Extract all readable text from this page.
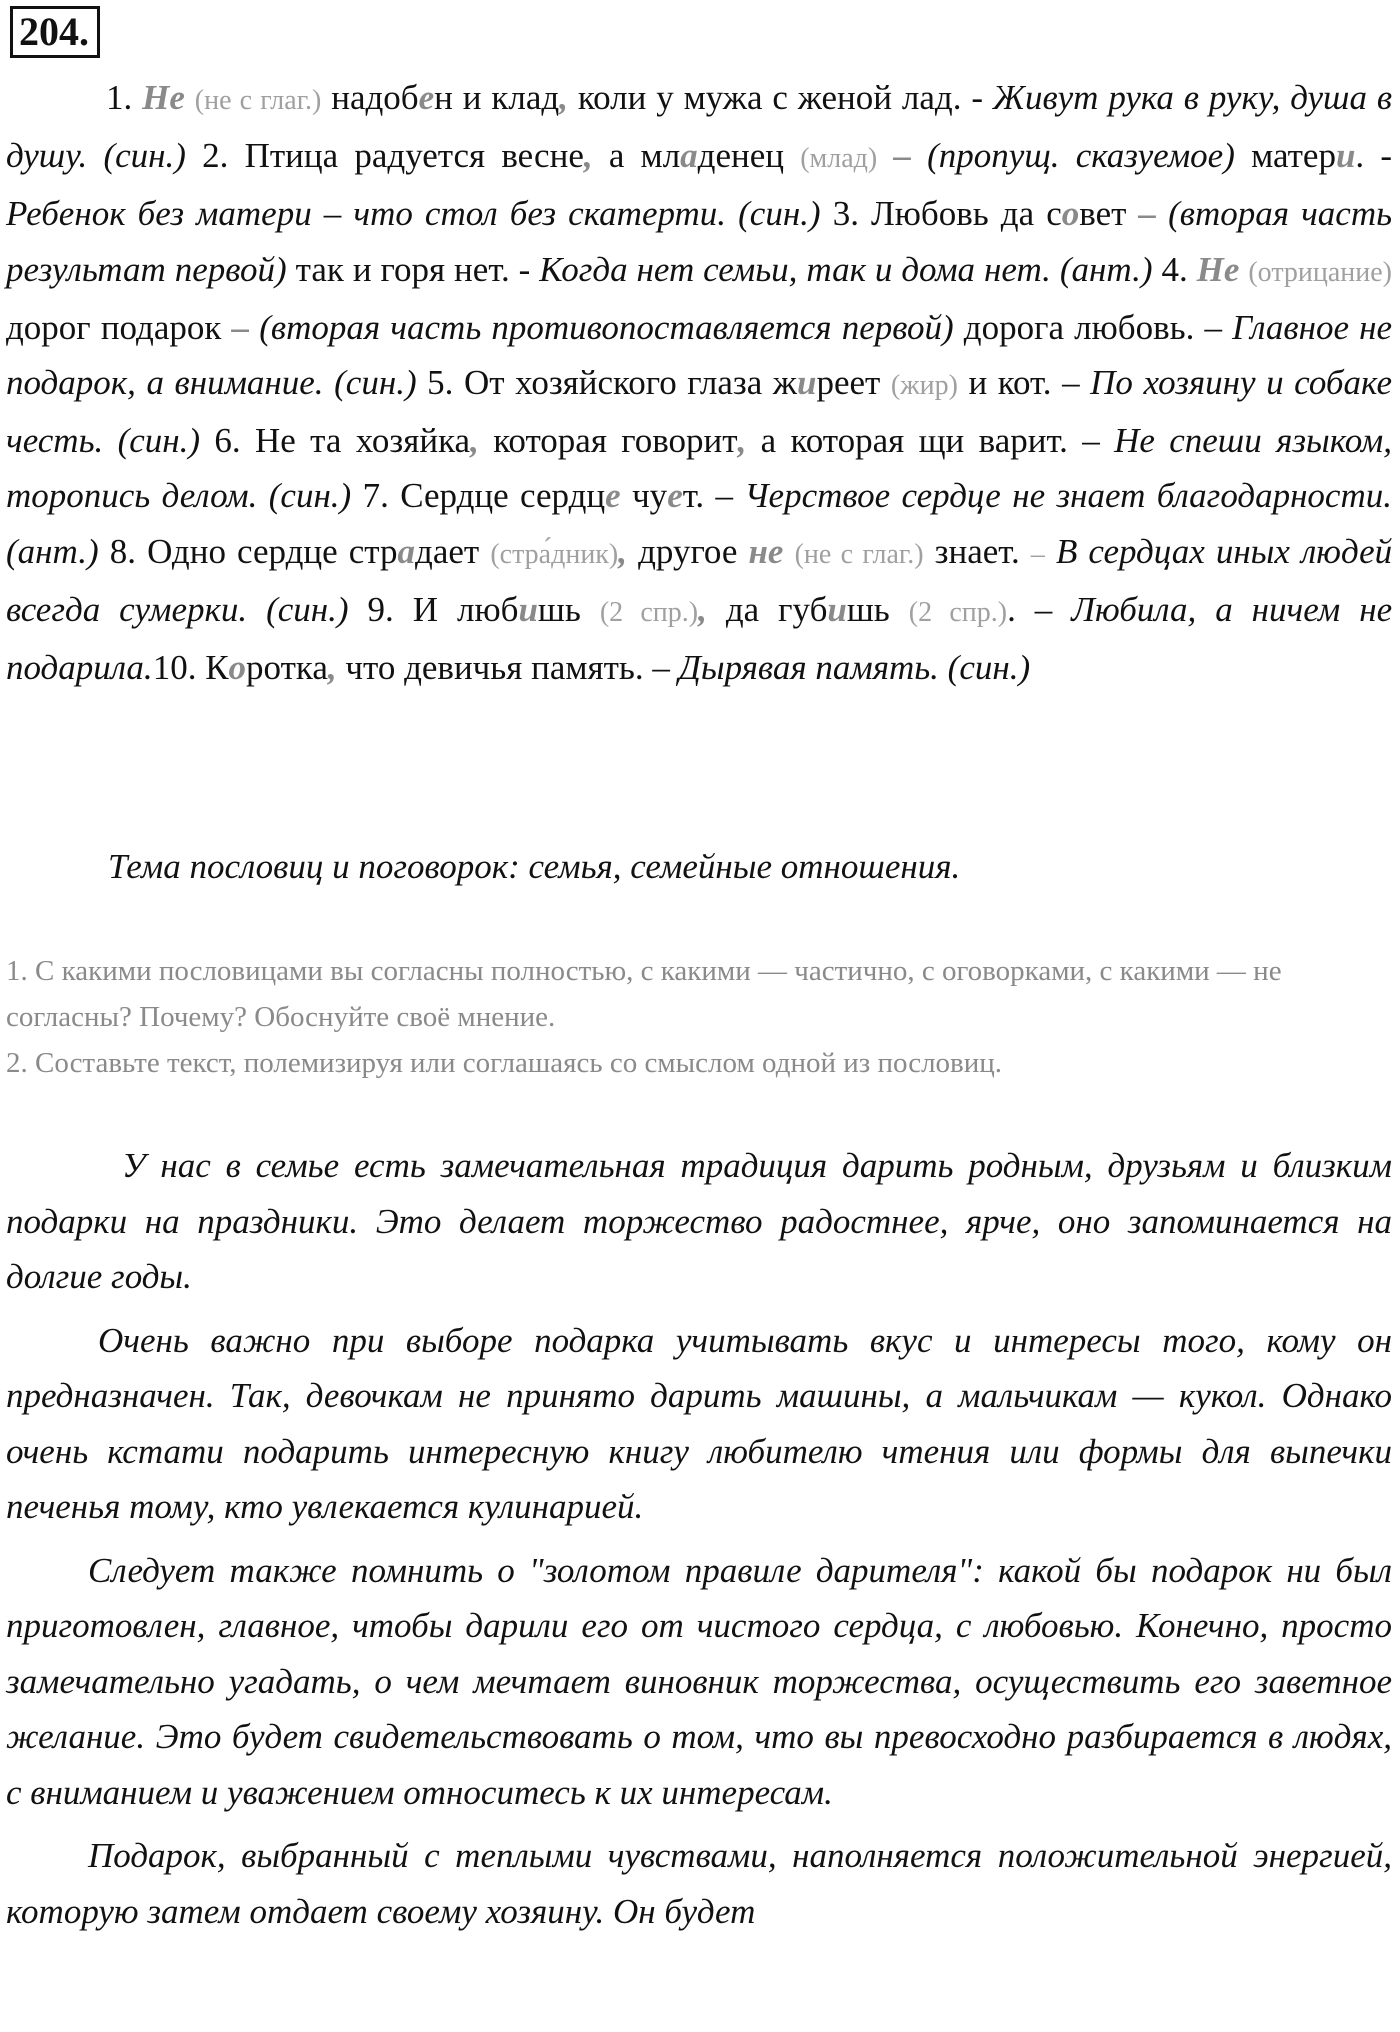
204 .
1. Не (не с глаг.) надобен и клад, коли у мужа с женой лад. - Живут рука в руку, душа в душу. (син.) 2. Птица радуется весне, а младенец (млад) – (пропущ. сказуемое) матери. - Ребенок без матери – что стол без скатерти. (син.) 3. Любовь да совет – (вторая часть результат первой) так и горя нет. - Когда нет семьи, так и дома нет. (ант.) 4. Не (отрицание) дорог подарок – (вторая часть противопоставляется первой) дорога любовь. – Главное не подарок, а внимание. (син.) 5. От хозяйского глаза жиреет (жир) и кот. – По хозяину и собаке честь. (син.) 6. Не та хозяйка, которая говорит, а которая щи варит. – Не спеши языком, торопись делом. (син.) 7. Сердце сердце чует. – Черствое сердце не знает благодарности. (ант.) 8. Одно сердце страдает (стра́дник), другое не (не с глаг.) знает. – В сердцах иных людей всегда сумерки. (син.) 9. И любишь (2 спр.), да губишь (2 спр.). – Любила, а ничем не подарила.10. Коротка, что девичья память. – Дырявая память. (син.)
Тема пословиц и поговорок: семья, семейные отношения.
1. С какими пословицами вы согласны полностью, с какими — частично, с оговорками, с какими — не согласны? Почему? Обоснуйте своё мнение.
2. Составьте текст, полемизируя или соглашаясь со смыслом одной из пословиц.

У нас в семье есть замечательная традиция дарить родным, друзьям и близким подарки на праздники. Это делает торжество радостнее, ярче, оно запоминается на долгие годы.

Очень важно при выборе подарка учитывать вкус и интересы того, кому он предназначен. Так, девочкам не принято дарить машины, а мальчикам — кукол. Однако очень кстати подарить интересную книгу любителю чтения или формы для выпечки печенья тому, кто увлекается кулинарией.

Следует также помнить о "золотом правиле дарителя": какой бы подарок ни был приготовлен, главное, чтобы дарили его от чистого сердца, с любовью. Конечно, просто замечательно угадать, о чем мечтает виновник торжества, осуществить его заветное желание. Это будет свидетельствовать о том, что вы превосходно разбирается в людях, с вниманием и уважением относитесь к их интересам.

Подарок, выбранный с теплыми чувствами, наполняется положительной энергией, которую затем отдает своему хозяину. Он будет
